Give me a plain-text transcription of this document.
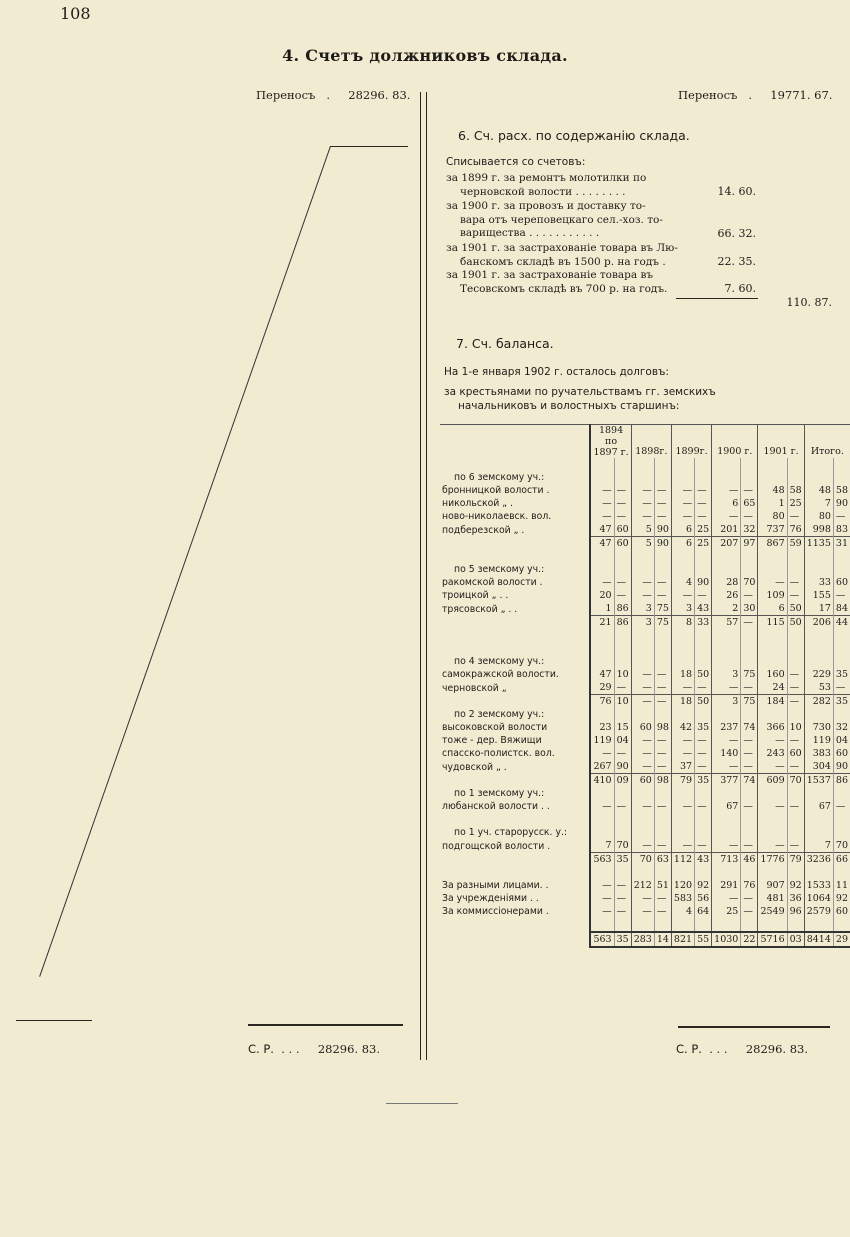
108
4. Счетъ должниковъ склада.
Переносъ . 28296. 83.
С. Р. . . . 28296. 83.
Переносъ . 19771. 67.
6. Сч. расх. по содержанію склада.
Списывается со счетовъ:
за 1899 г. за ремонтъ молотилки по
черновской волости . . . . . . . .	14. 60.
за 1900 г. за провозъ и доставку то-
вара отъ череповецкаго сел.-хоз. то-
варищества . . . . . . . . . . .	66. 32.
за 1901 г. за застрахованіе товара въ Лю-
банскомъ складѣ въ 1500 р. на годъ .	22. 35.
за 1901 г. за застрахованіе товара въ
Тесовскомъ складѣ въ 700 р. на годъ.	7. 60.
110. 87.
7. Сч. баланса.
На 1-е января 1902 г. осталось долговъ:
за крестьянами по ручательствамъ гг. земскихъ
начальниковъ и волостныхъ старшинъ:
	1894 по 1897 г.		1898г.		1899г.		1900 г.		1901 г.		Итого.	

по 6 земскому уч.:												
бронницкой волости .	—	—	—	—	—	—	—	—	48	58	48	58
никольской „ .	—	—	—	—	—	—	6	65	1	25	7	90
ново-николаевск. вол.	—	—	—	—	—	—	—	—	80	—	80	—
подберезской „ .	47	60	5	90	6	25	201	32	737	76	998	83
	47	60	5	90	6	25	207	97	867	59	1135	31

по 5 земскому уч.:												
ракомской волости .	—	—	—	—	4	90	28	70	—	—	33	60
троицкой „ . .	20	—	—	—	—	—	26	—	109	—	155	—
трясовской „ . .	1	86	3	75	3	43	2	30	6	50	17	84
	21	86	3	75	8	33	57	—	115	50	206	44

по 4 земскому уч.:												
самокражской волости.	47	10	—	—	18	50	3	75	160	—	229	35
черновской „	29	—	—	—	—	—	—	—	24	—	53	—
	76	10	—	—	18	50	3	75	184	—	282	35
по 2 земскому уч.:												
высоковской волости	23	15	60	98	42	35	237	74	366	10	730	32
тоже - дер. Вяжищи	119	04	—	—	—	—	—	—	—	—	119	04
спасско-полистск. вол.	—	—	—	—	—	—	140	—	243	60	383	60
чудовской „ .	267	90	—	—	37	—	—	—	—	—	304	90
	410	09	60	98	79	35	377	74	609	70	1537	86
по 1 земскому уч.:												
любанской волости . .	—	—	—	—	—	—	67	—	—	—	67	—

по 1 уч. старорусск. у.:												
подгощской волости .	7	70	—	—	—	—	—	—	—	—	7	70
	563	35	70	63	112	43	713	46	1776	79	3236	66

За разными лицами. .	—	—	212	51	120	92	291	76	907	92	1533	11
За учрежденіями . .	—	—	—	—	583	56	—	—	481	36	1064	92
За коммиссіонерами .	—	—	—	—	4	64	25	—	2549	96	2579	60

	563	35	283	14	821	55	1030	22	5716	03	8414	29
С. Р. . . . 28296. 83.
